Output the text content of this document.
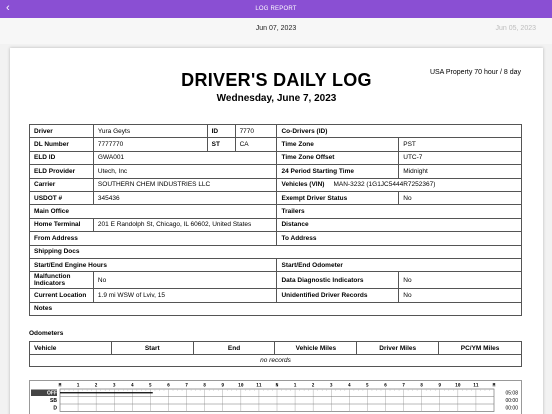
‹	LOG REPORT
Jun 07, 2023	Jun 05, 2023
DRIVER'S DAILY LOG
Wednesday, June 7, 2023
USA Property 70 hour / 8 day
Driver	Yura Geyts	ID	7770	Co-Drivers (ID)	
DL Number	7777770	ST	CA	Time Zone	PST
ELD ID	GWA001			Time Zone Offset	UTC-7
ELD Provider	Utech, Inc			24 Period Starting Time	Midnight
Carrier	SOUTHERN CHEM INDUSTRIES LLC			Vehicles (VIN) MAN-3232 (1G1JC5444R7252367)	

USDOT #	345436			Exempt Driver Status	No
Main Office				Trailers	
Home Terminal	201 E Randolph St, Chicago, IL 60602, United States			Distance	
From Address				To Address	
Shipping Docs					
Start/End Engine Hours				Start/End Odometer	
Malfunction Indicators	No			Data Diagnostic Indicators	No
Current Location	1.9 mi WSW of Lviv, 15			Unidentified Driver Records	No
Notes					
Odometers
Vehicle	Start	End	Vehicle Miles	Driver Miles	PC/YM Miles
no records
M	1	2	3	4	5	6	7	8	9	10	11	N	1	2	3	4	5	6	7	8	9	10	11	M
OFF	05:08
SB	00:00
D	00:00
